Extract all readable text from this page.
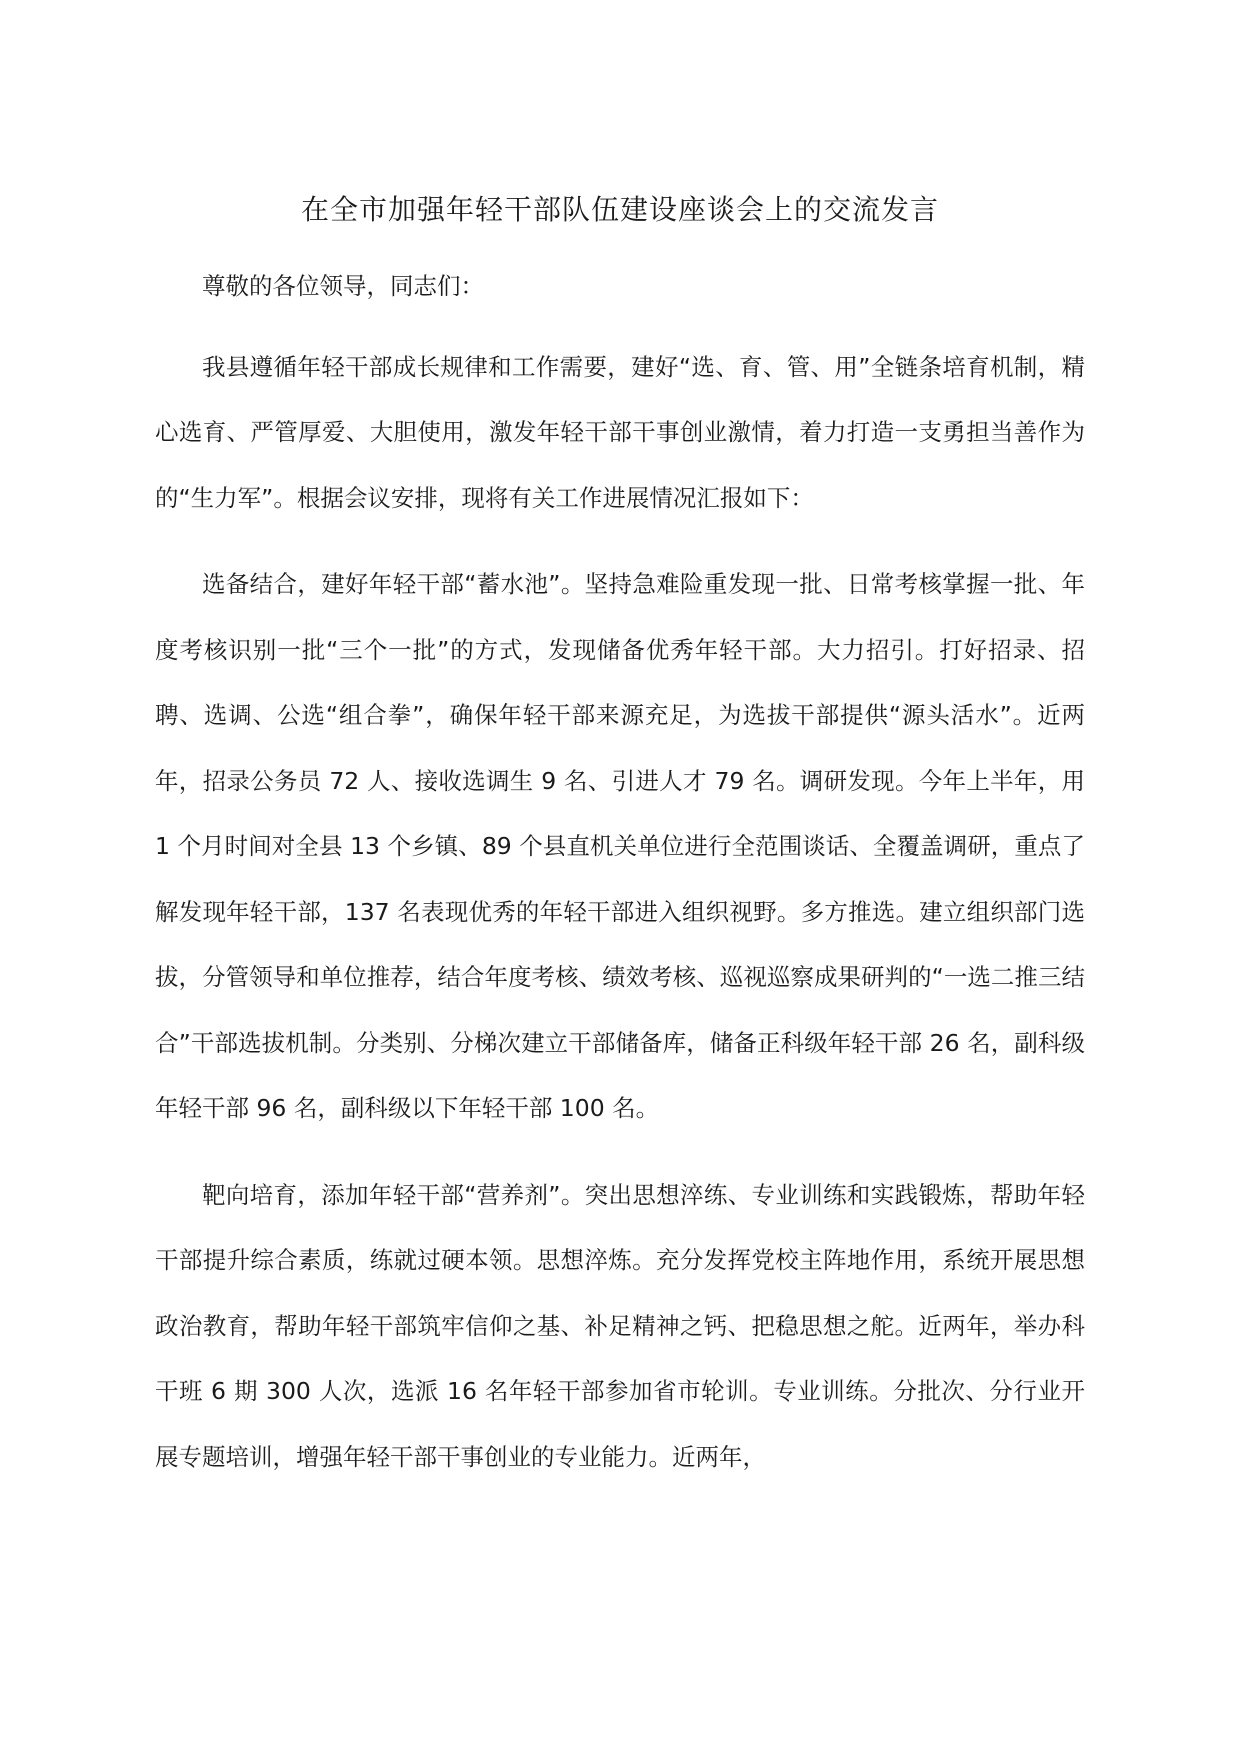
在全市加强年轻干部队伍建设座谈会上的交流发言

尊敬的各位领导，同志们：

我县遵循年轻干部成长规律和工作需要，建好“选、育、管、用”全链条培育机制，精心选育、严管厚爱、大胆使用，激发年轻干部干事创业激情，着力打造一支勇担当善作为的“生力军”。根据会议安排，现将有关工作进展情况汇报如下：

选备结合，建好年轻干部“蓄水池”。坚持急难险重发现一批、日常考核掌握一批、年度考核识别一批“三个一批”的方式，发现储备优秀年轻干部。大力招引。打好招录、招聘、选调、公选“组合拳”，确保年轻干部来源充足，为选拔干部提供“源头活水”。近两年，招录公务员 72 人、接收选调生 9 名、引进人才 79 名。调研发现。今年上半年，用 1 个月时间对全县 13 个乡镇、89 个县直机关单位进行全范围谈话、全覆盖调研，重点了解发现年轻干部，137 名表现优秀的年轻干部进入组织视野。多方推选。建立组织部门选拔，分管领导和单位推荐，结合年度考核、绩效考核、巡视巡察成果研判的“一选二推三结合”干部选拔机制。分类别、分梯次建立干部储备库，储备正科级年轻干部 26 名，副科级年轻干部 96 名，副科级以下年轻干部 100 名。

靶向培育，添加年轻干部“营养剂”。突出思想淬练、专业训练和实践锻炼，帮助年轻干部提升综合素质，练就过硬本领。思想淬炼。充分发挥党校主阵地作用，系统开展思想政治教育，帮助年轻干部筑牢信仰之基、补足精神之钙、把稳思想之舵。近两年，举办科干班 6 期 300 人次，选派 16 名年轻干部参加省市轮训。专业训练。分批次、分行业开展专题培训，增强年轻干部干事创业的专业能力。近两年，
